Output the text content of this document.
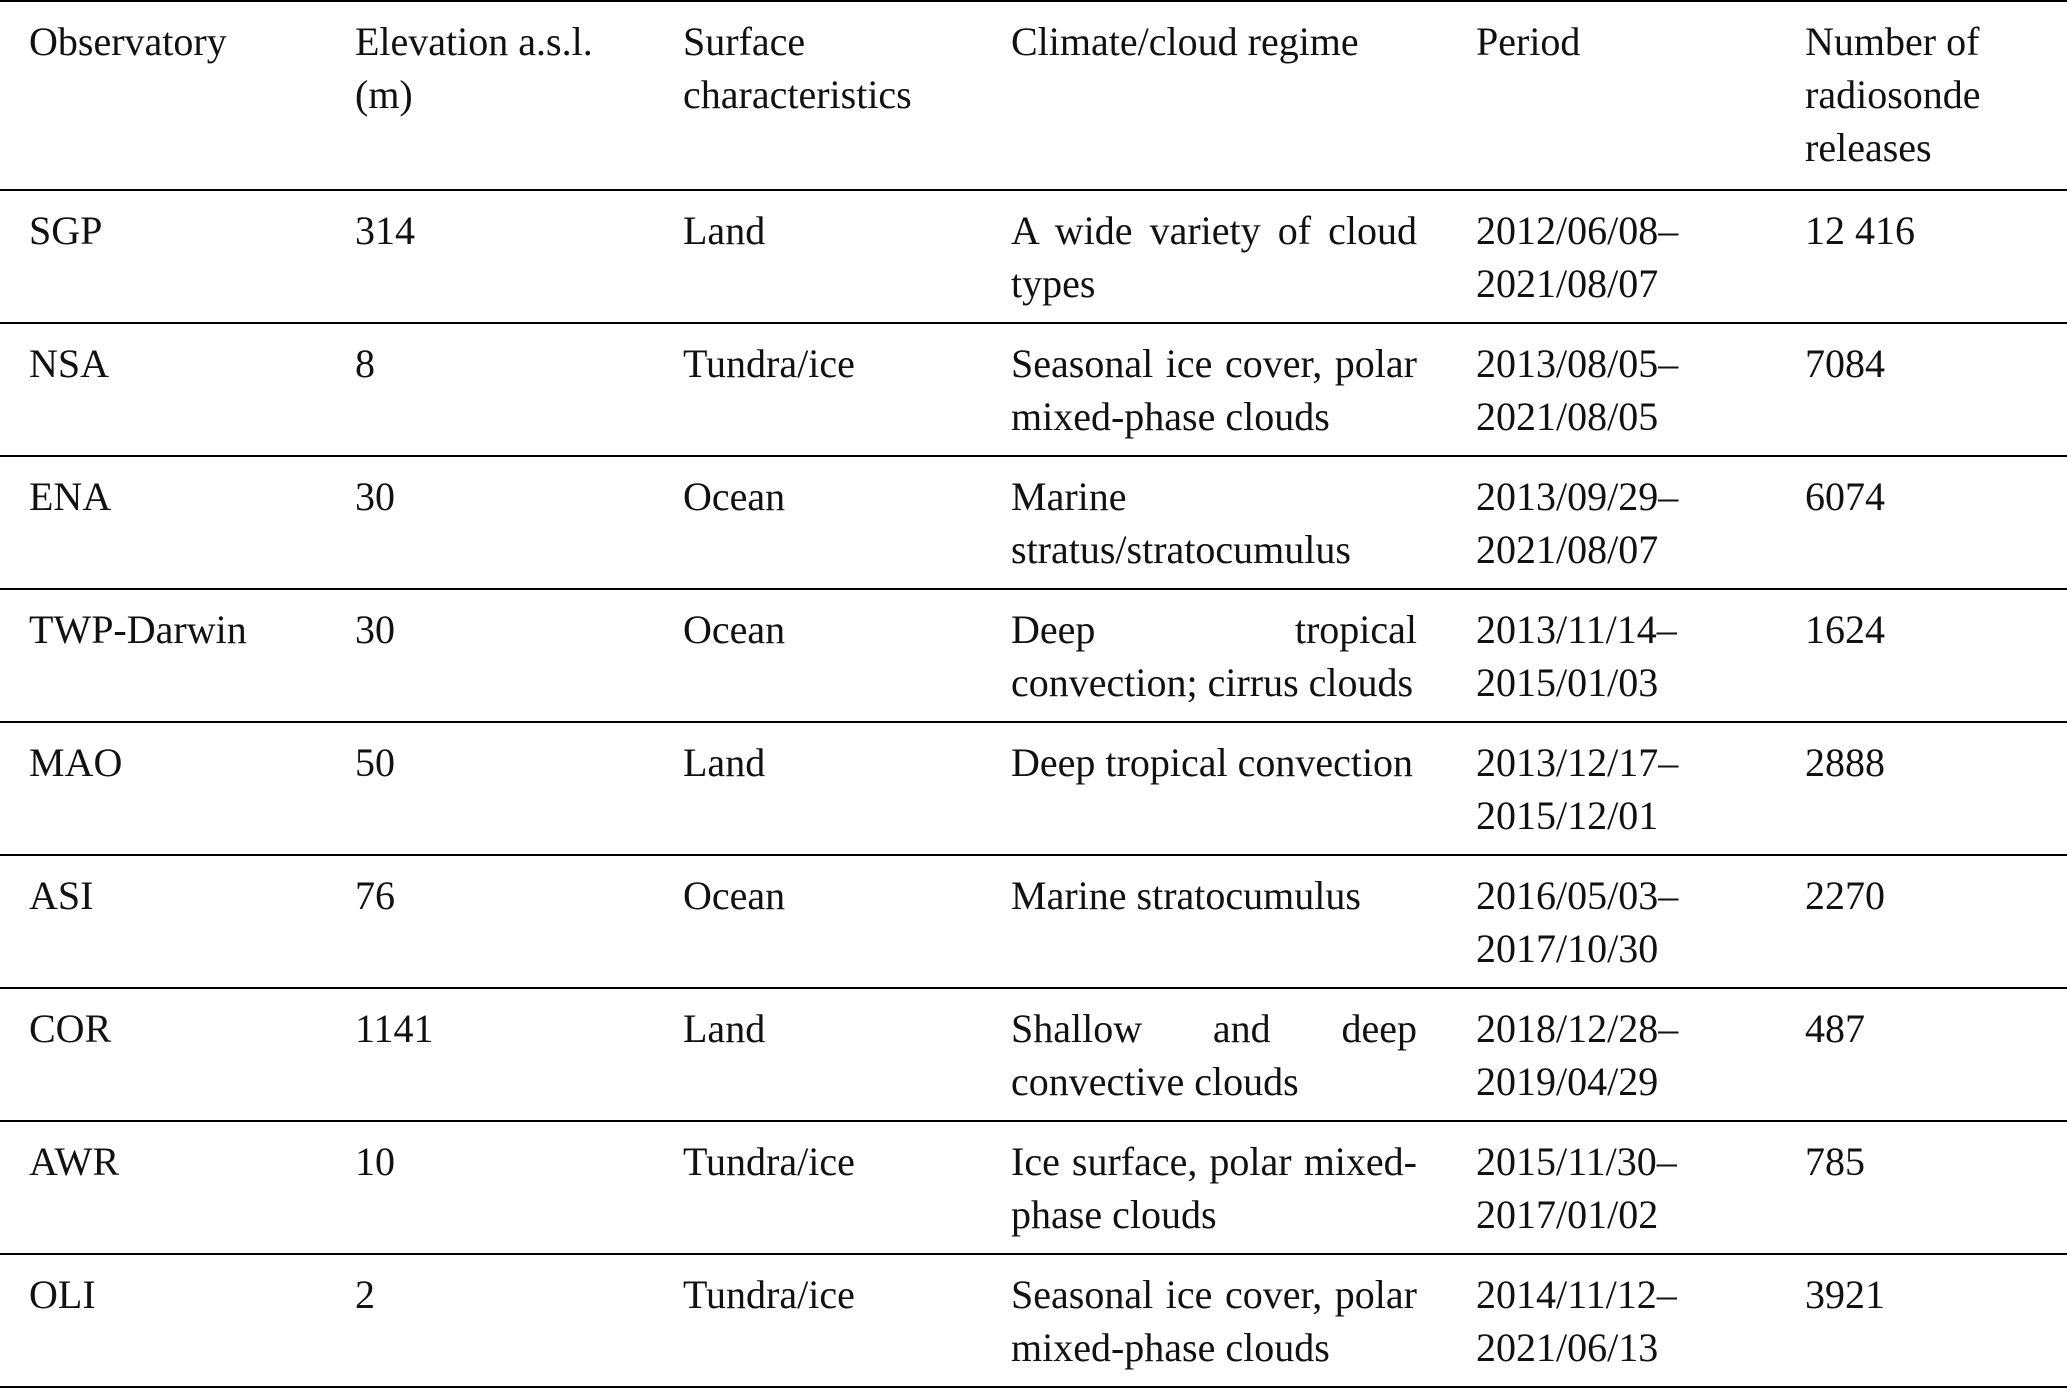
Observatory	Elevation a.s.l. (m)	Surface characteristics	Climate/cloud regime	Period	Number of radiosonde releases
SGP	314	Land	A wide variety of cloud types	2012/06/08–2021/08/07	12 416
NSA	8	Tundra/ice	Seasonal ice cover, polar mixed-phase clouds	2013/08/05–2021/08/05	7084
ENA	30	Ocean	Marine stratus/stratocumulus	2013/09/29–2021/08/07	6074
TWP-Darwin	30	Ocean	Deep tropical convection; cirrus clouds	2013/11/14–2015/01/03	1624
MAO	50	Land	Deep tropical convection	2013/12/17–2015/12/01	2888
ASI	76	Ocean	Marine stratocumulus	2016/05/03–2017/10/30	2270
COR	1141	Land	Shallow and deep convective clouds	2018/12/28–2019/04/29	487
AWR	10	Tundra/ice	Ice surface, polar mixed-phase clouds	2015/11/30–2017/01/02	785
OLI	2	Tundra/ice	Seasonal ice cover, polar mixed-phase clouds	2014/11/12–2021/06/13	3921
